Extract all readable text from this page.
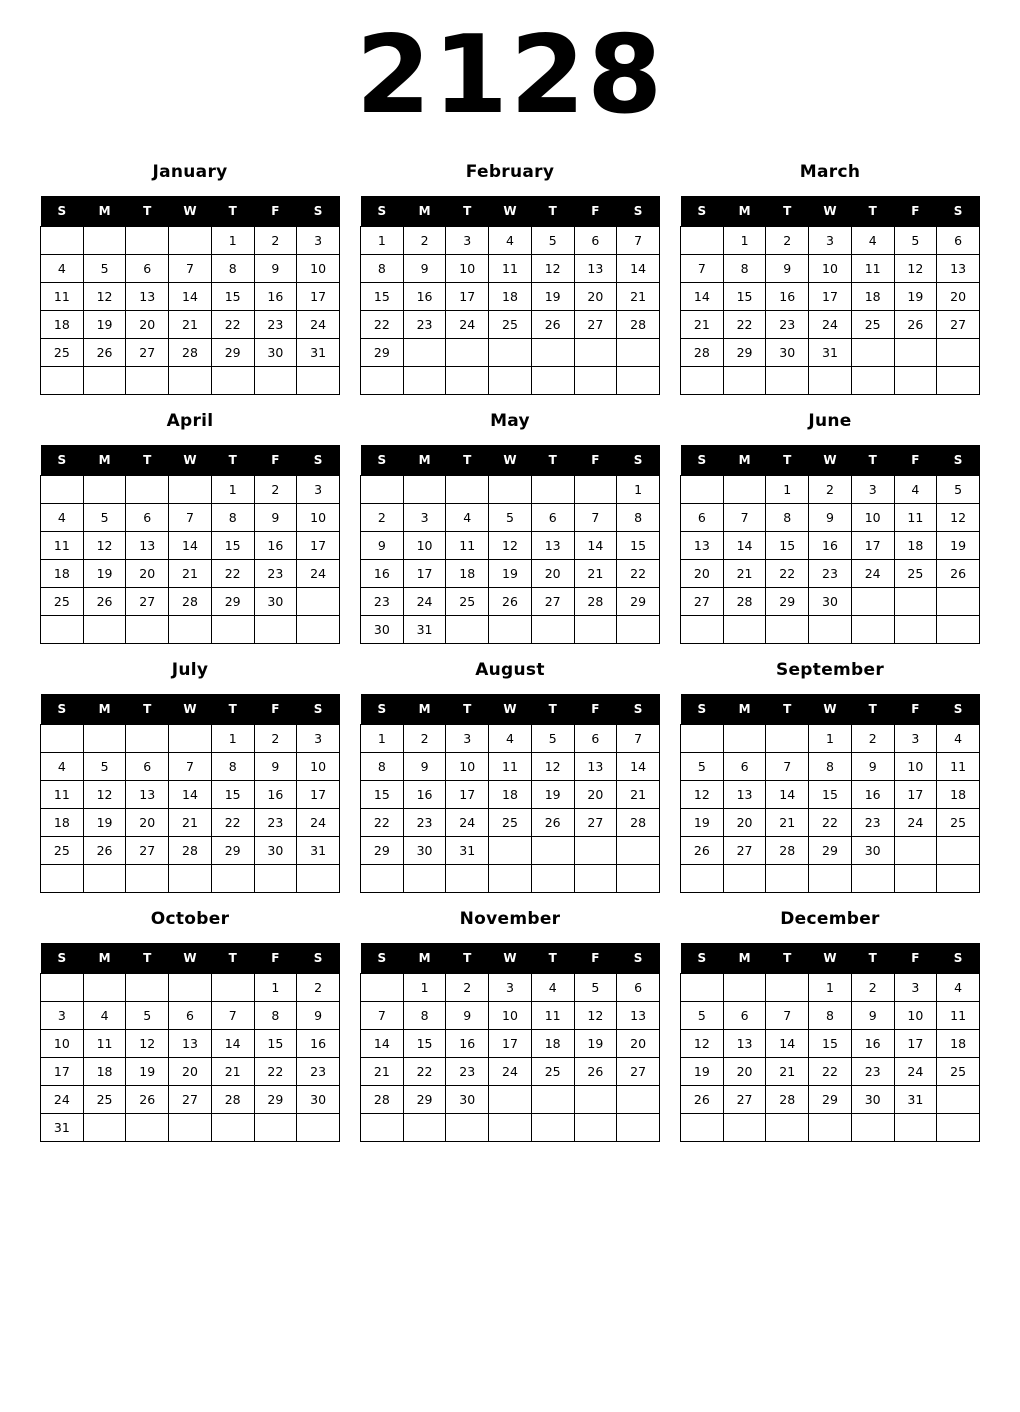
2128
January
S	M	T	W	T	F	S
				1	2	3
4	5	6	7	8	9	10
11	12	13	14	15	16	17
18	19	20	21	22	23	24
25	26	27	28	29	30	31

February
S	M	T	W	T	F	S
1	2	3	4	5	6	7
8	9	10	11	12	13	14
15	16	17	18	19	20	21
22	23	24	25	26	27	28
29						

March
S	M	T	W	T	F	S
	1	2	3	4	5	6
7	8	9	10	11	12	13
14	15	16	17	18	19	20
21	22	23	24	25	26	27
28	29	30	31			

April
S	M	T	W	T	F	S
				1	2	3
4	5	6	7	8	9	10
11	12	13	14	15	16	17
18	19	20	21	22	23	24
25	26	27	28	29	30	

May
S	M	T	W	T	F	S
						1
2	3	4	5	6	7	8
9	10	11	12	13	14	15
16	17	18	19	20	21	22
23	24	25	26	27	28	29
30	31					
June
S	M	T	W	T	F	S
		1	2	3	4	5
6	7	8	9	10	11	12
13	14	15	16	17	18	19
20	21	22	23	24	25	26
27	28	29	30			

July
S	M	T	W	T	F	S
				1	2	3
4	5	6	7	8	9	10
11	12	13	14	15	16	17
18	19	20	21	22	23	24
25	26	27	28	29	30	31

August
S	M	T	W	T	F	S
1	2	3	4	5	6	7
8	9	10	11	12	13	14
15	16	17	18	19	20	21
22	23	24	25	26	27	28
29	30	31				

September
S	M	T	W	T	F	S
			1	2	3	4
5	6	7	8	9	10	11
12	13	14	15	16	17	18
19	20	21	22	23	24	25
26	27	28	29	30		

October
S	M	T	W	T	F	S
					1	2
3	4	5	6	7	8	9
10	11	12	13	14	15	16
17	18	19	20	21	22	23
24	25	26	27	28	29	30
31						
November
S	M	T	W	T	F	S
	1	2	3	4	5	6
7	8	9	10	11	12	13
14	15	16	17	18	19	20
21	22	23	24	25	26	27
28	29	30				

December
S	M	T	W	T	F	S
			1	2	3	4
5	6	7	8	9	10	11
12	13	14	15	16	17	18
19	20	21	22	23	24	25
26	27	28	29	30	31	
